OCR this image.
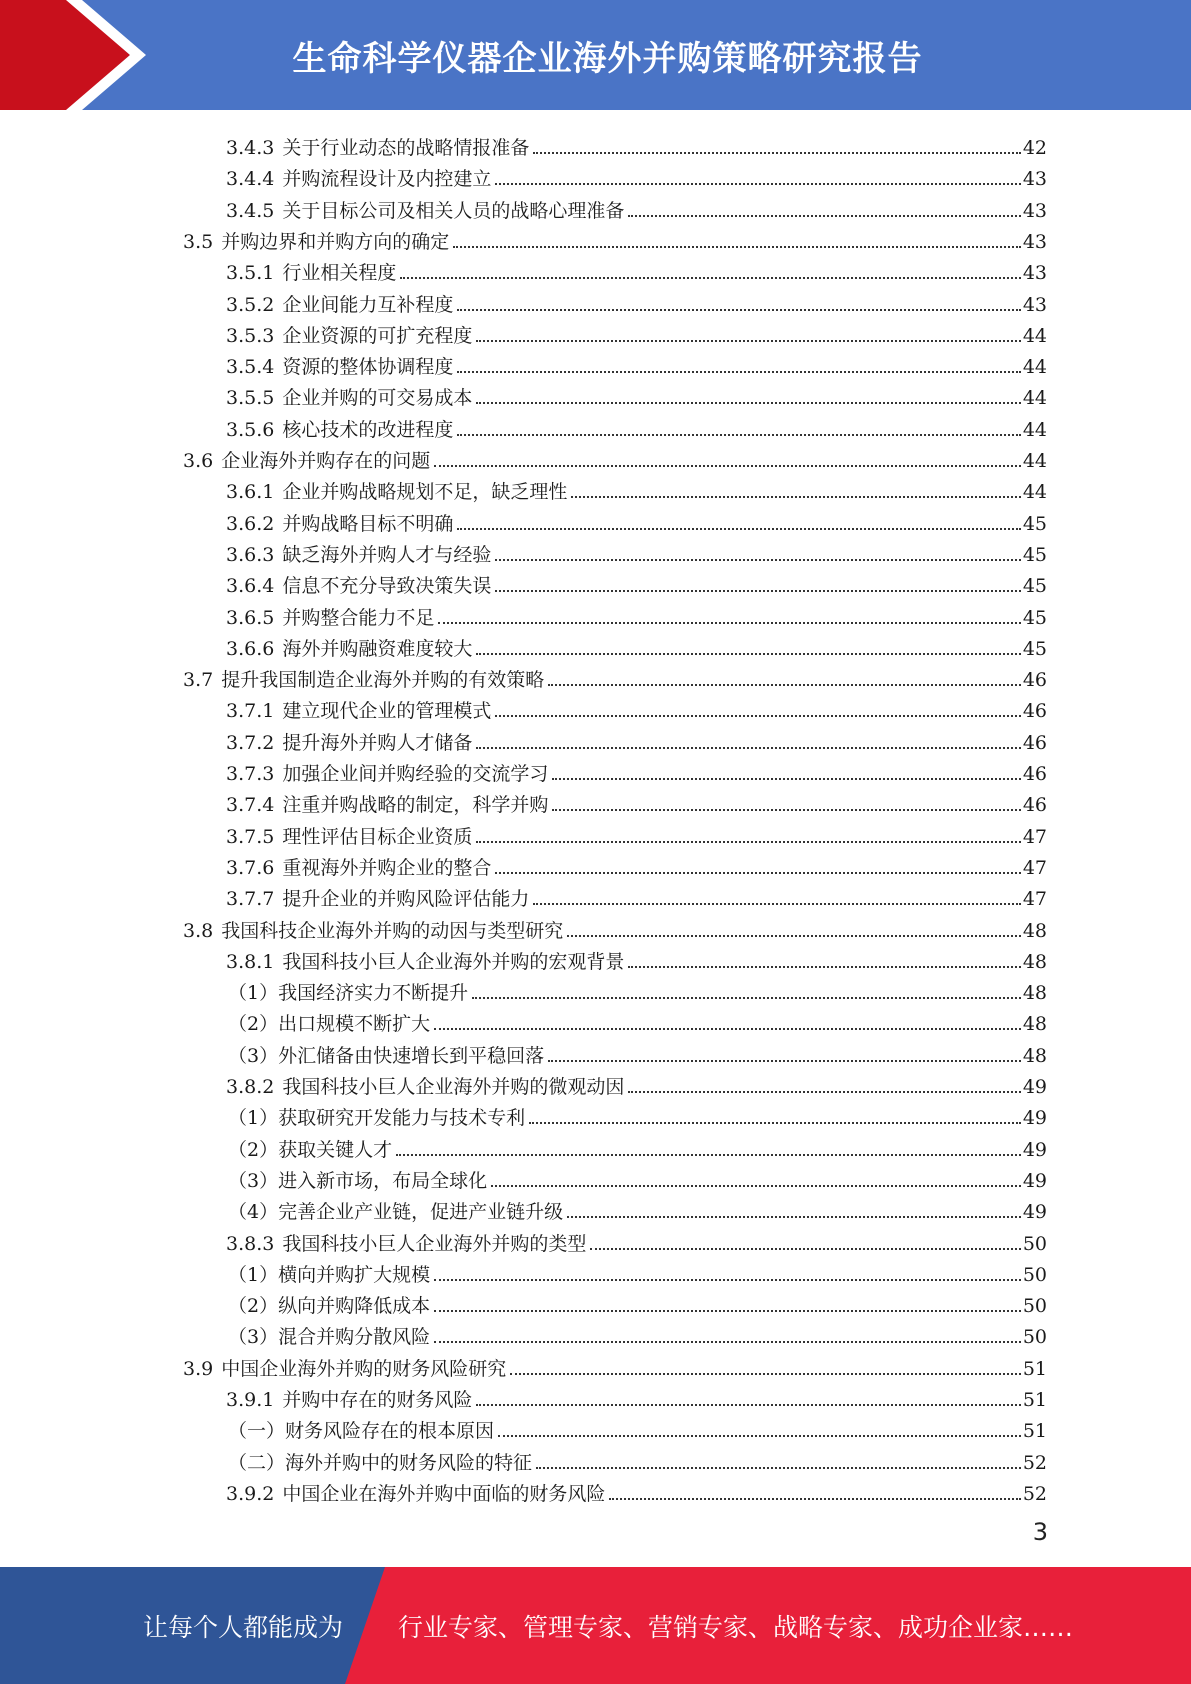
生命科学仪器企业海外并购策略研究报告
3.4.3 关于行业动态的战略情报准备	42
3.4.4 并购流程设计及内控建立	43
3.4.5 关于目标公司及相关人员的战略心理准备	43
3.5 并购边界和并购方向的确定	43
3.5.1 行业相关程度	43
3.5.2 企业间能力互补程度	43
3.5.3 企业资源的可扩充程度	44
3.5.4 资源的整体协调程度	44
3.5.5 企业并购的可交易成本	44
3.5.6 核心技术的改进程度	44
3.6 企业海外并购存在的问题	44
3.6.1 企业并购战略规划不足，缺乏理性	44
3.6.2 并购战略目标不明确	45
3.6.3 缺乏海外并购人才与经验	45
3.6.4 信息不充分导致决策失误	45
3.6.5 并购整合能力不足	45
3.6.6 海外并购融资难度较大	45
3.7 提升我国制造企业海外并购的有效策略	46
3.7.1 建立现代企业的管理模式	46
3.7.2 提升海外并购人才储备	46
3.7.3 加强企业间并购经验的交流学习	46
3.7.4 注重并购战略的制定，科学并购	46
3.7.5 理性评估目标企业资质	47
3.7.6 重视海外并购企业的整合	47
3.7.7 提升企业的并购风险评估能力	47
3.8 我国科技企业海外并购的动因与类型研究	48
3.8.1 我国科技小巨人企业海外并购的宏观背景	48
（1） 我国经济实力不断提升	48
（2） 出口规模不断扩大	48
（3） 外汇储备由快速增长到平稳回落	48
3.8.2 我国科技小巨人企业海外并购的微观动因	49
（1） 获取研究开发能力与技术专利	49
（2） 获取关键人才	49
（3） 进入新市场，布局全球化	49
（4） 完善企业产业链，促进产业链升级	49
3.8.3 我国科技小巨人企业海外并购的类型	50
（1） 横向并购扩大规模	50
（2） 纵向并购降低成本	50
（3） 混合并购分散风险	50
3.9 中国企业海外并购的财务风险研究	51
3.9.1 并购中存在的财务风险	51
（一） 财务风险存在的根本原因	51
（二） 海外并购中的财务风险的特征	52
3.9.2 中国企业在海外并购中面临的财务风险	52
3
让每个人都能成为 行业专家、管理专家、营销专家、战略专家、成功企业家……
